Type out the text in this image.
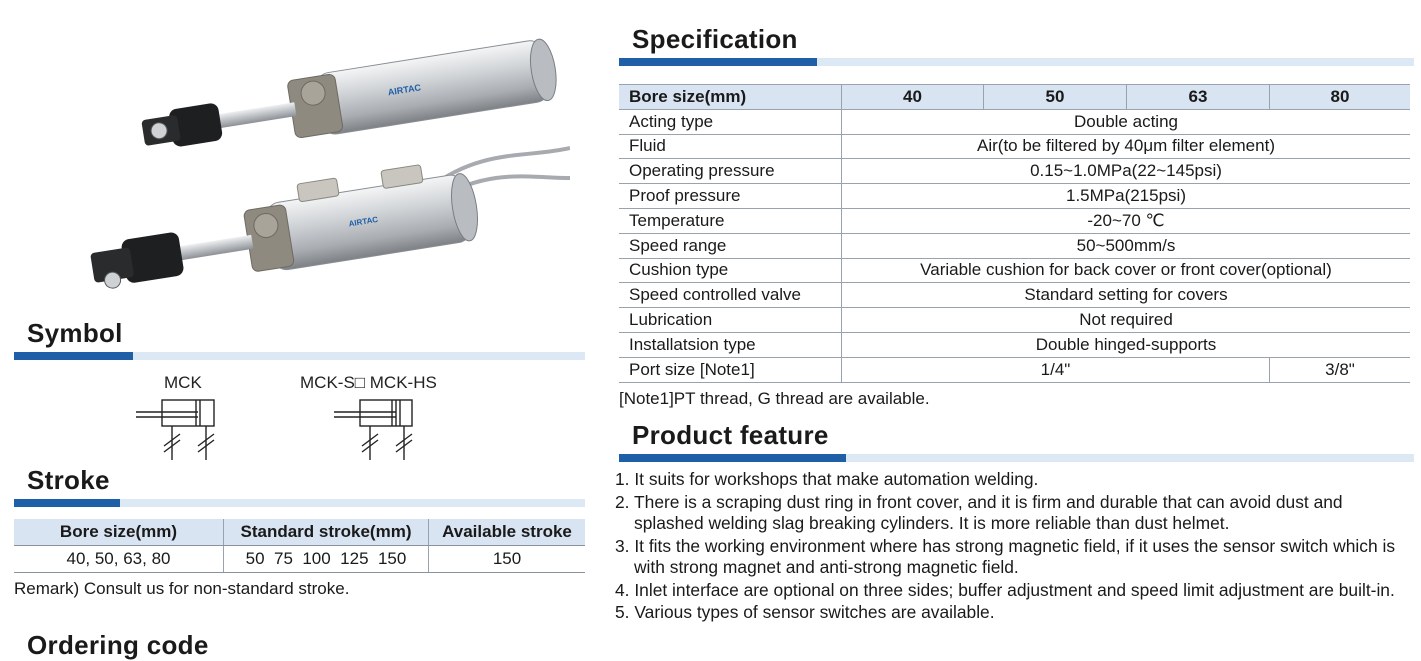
AIRTAC
AIRTAC
Symbol
MCK	MCK-S□ MCK-HS
Stroke
Bore size(mm)	Standard stroke(mm)	Available stroke
40, 50, 63, 80	50  75  100  125  150	150
Remark) Consult us for non-standard stroke.
Ordering code
Specification
Bore size(mm)	40	50	63	80
Acting type	Double acting			
Fluid	Air(to be filtered by 40μm filter element)			
Operating pressure	0.15~1.0MPa(22~145psi)			
Proof pressure	1.5MPa(215psi)			
Temperature	-20~70 ℃			
Speed range	50~500mm/s			
Cushion type	Variable cushion for back cover or front cover(optional)			
Speed controlled valve	Standard setting for covers			
Lubrication	Not required			
Installatsion type	Double hinged-supports			
Port size [Note1]	1/4"			3/8"
[Note1]PT thread, G thread are available.
Product feature
1. It suits for workshops that make automation welding.
2. There is a scraping dust ring in front cover, and it is firm and durable that can avoid dust and splashed welding slag breaking cylinders. It is more reliable than dust helmet.
3. It fits the working environment where has strong magnetic field, if it uses the sensor switch which is with strong magnet and anti-strong magnetic field.
4. Inlet interface are optional on three sides; buffer adjustment and speed limit adjustment are built-in.
5. Various types of sensor switches are available.
